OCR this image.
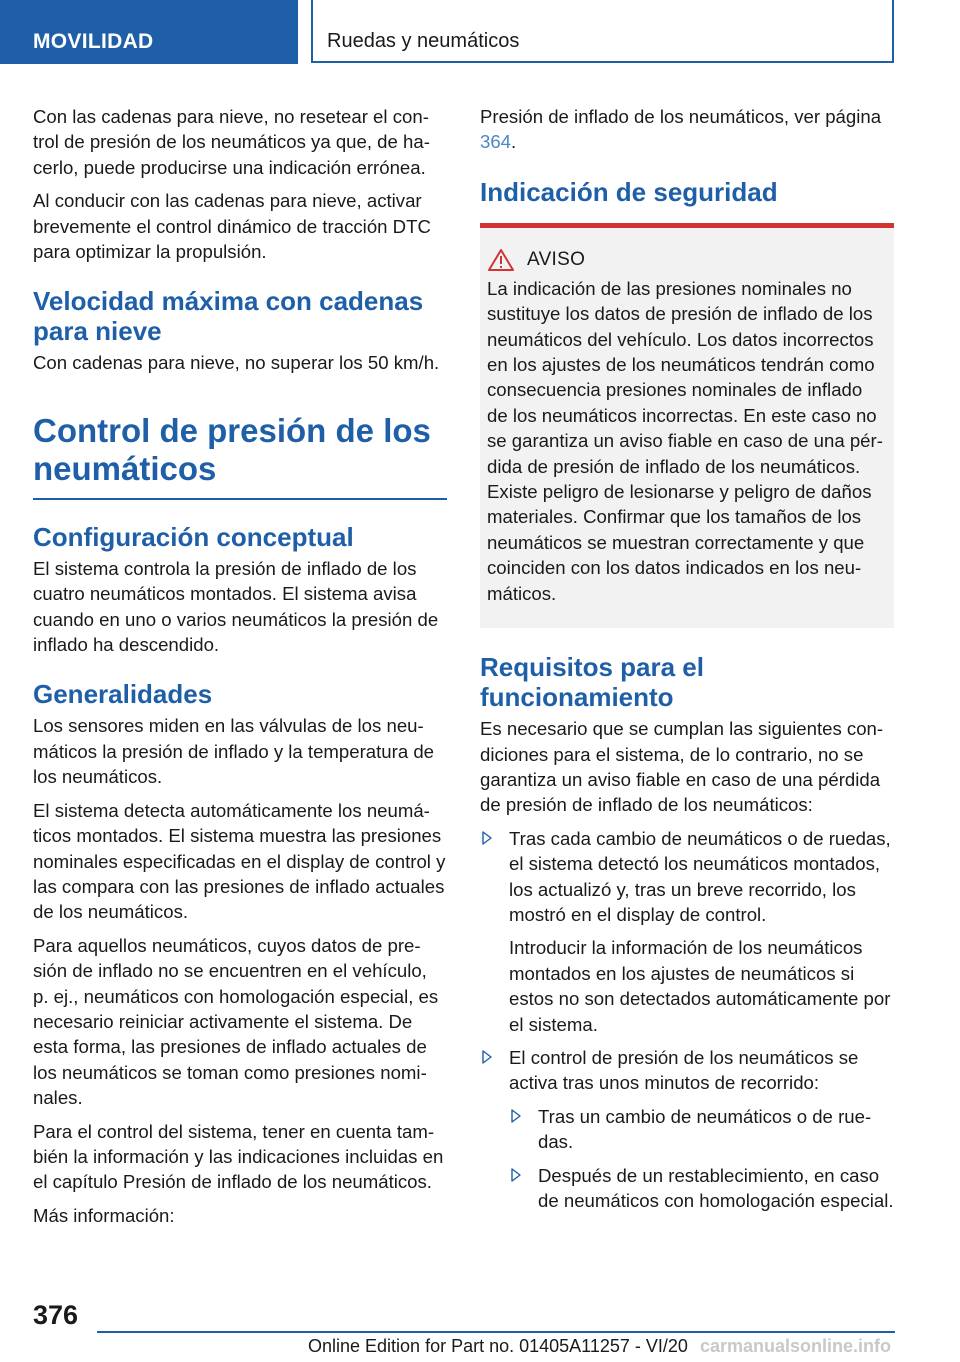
MOVILIDAD	Ruedas y neumáticos

Con las cadenas para nieve, no resetear el control de presión de los neumáticos ya que, de hacerlo, puede producirse una indicación errónea.

Al conducir con las cadenas para nieve, activar brevemente el control dinámico de tracción DTC para optimizar la propulsión.

Velocidad máxima con cadenas para nieve

Con cadenas para nieve, no superar los 50 km/h.

Control de presión de los neumáticos
Configuración conceptual

El sistema controla la presión de inflado de los cuatro neumáticos montados. El sistema avisa cuando en uno o varios neumáticos la presión de inflado ha descendido.

Generalidades

Los sensores miden en las válvulas de los neumáticos la presión de inflado y la temperatura de los neumáticos.

El sistema detecta automáticamente los neumáticos montados. El sistema muestra las presiones nominales especificadas en el display de control y las compara con las presiones de inflado actuales de los neumáticos.

Para aquellos neumáticos, cuyos datos de presión de inflado no se encuentren en el vehículo, p. ej., neumáticos con homologación especial, es necesario reiniciar activamente el sistema. De esta forma, las presiones de inflado actuales de los neumáticos se toman como presiones nominales.

Para el control del sistema, tener en cuenta también la información y las indicaciones incluidas en el capítulo Presión de inflado de los neumáticos.

Más información:

Presión de inflado de los neumáticos, ver página 364.

Indicación de seguridad
AVISO

La indicación de las presiones nominales no sustituye los datos de presión de inflado de los neumáticos del vehículo. Los datos incorrectos en los ajustes de los neumáticos tendrán como consecuencia presiones nominales de inflado de los neumáticos incorrectas. En este caso no se garantiza un aviso fiable en caso de una pérdida de presión de inflado de los neumáticos. Existe peligro de lesionarse y peligro de daños materiales. Confirmar que los tamaños de los neumáticos se muestran correctamente y que coinciden con los datos indicados en los neumáticos.

Requisitos para el funcionamiento

Es necesario que se cumplan las siguientes condiciones para el sistema, de lo contrario, no se garantiza un aviso fiable en caso de una pérdida de presión de inflado de los neumáticos:

Tras cada cambio de neumáticos o de ruedas, el sistema detectó los neumáticos montados, los actualizó y, tras un breve recorrido, los mostró en el display de control.

Introducir la información de los neumáticos montados en los ajustes de neumáticos si estos no son detectados automáticamente por el sistema.

El control de presión de los neumáticos se activa tras unos minutos de recorrido:

Tras un cambio de neumáticos o de ruedas.

Después de un restablecimiento, en caso de neumáticos con homologación especial.

376
Online Edition for Part no. 01405A11257 - VI/20 carmanualsonline.info
